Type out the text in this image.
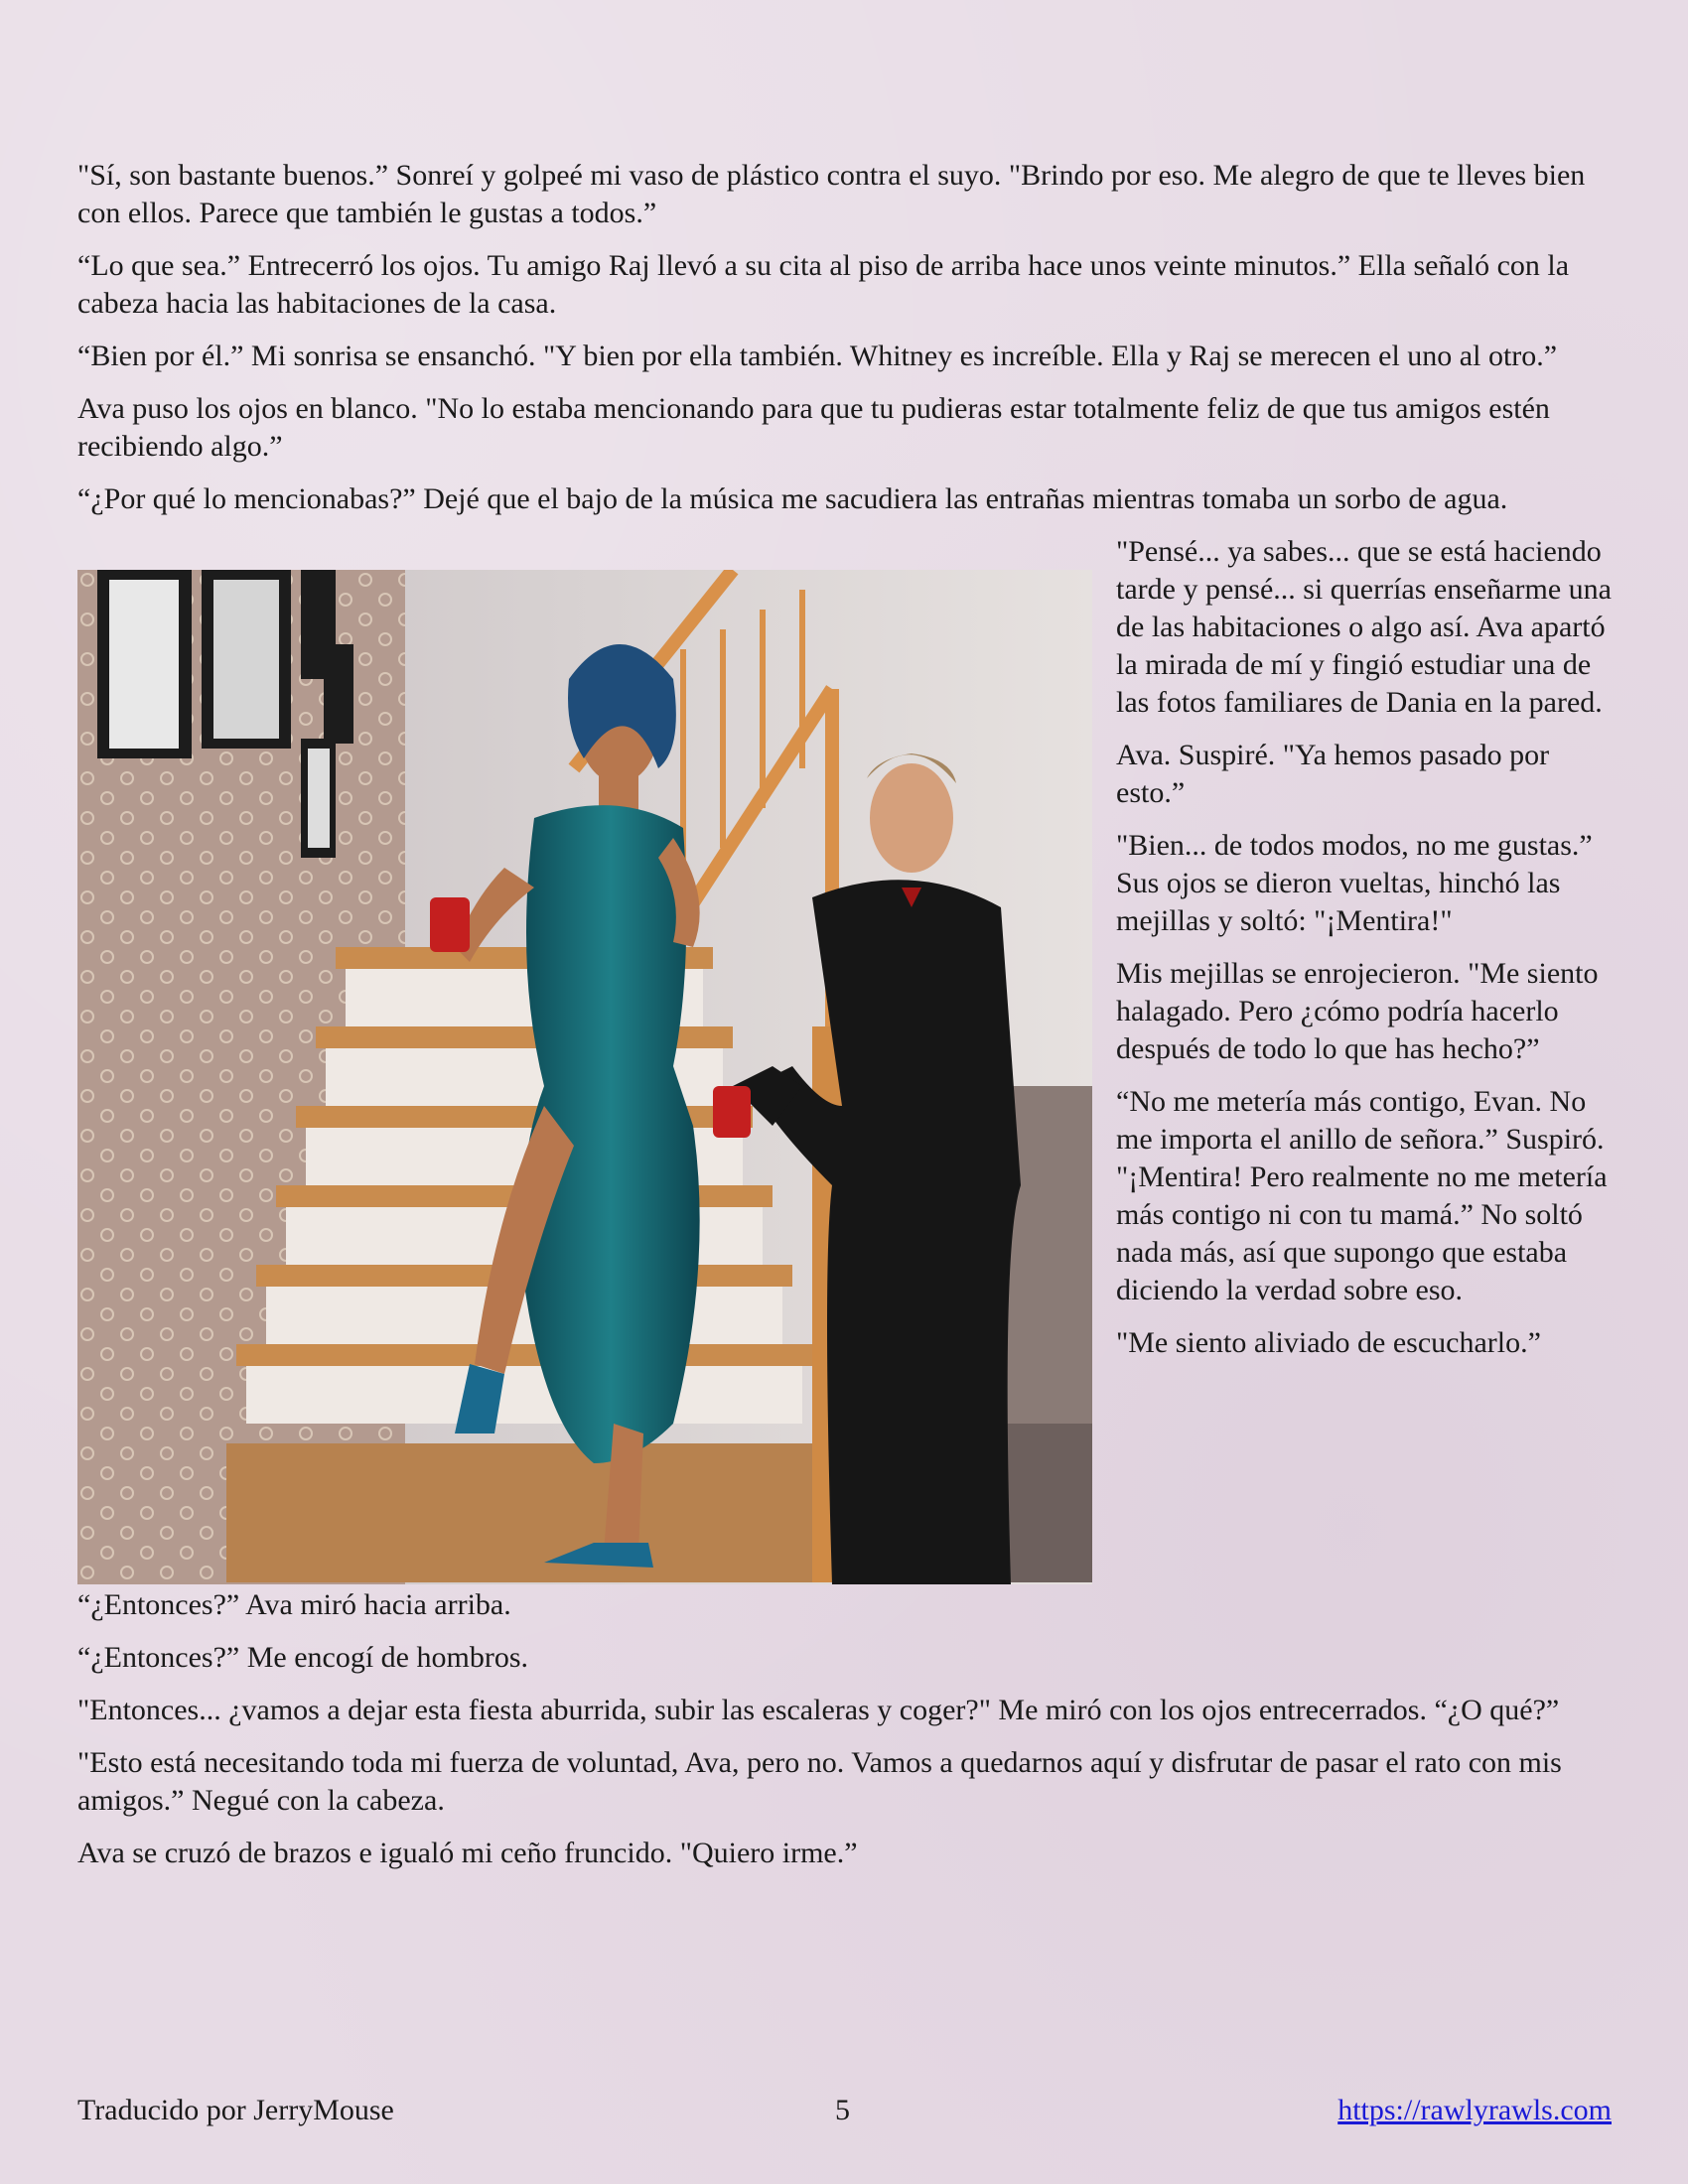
"Sí, son bastante buenos.” Sonreí y golpeé mi vaso de plástico contra el suyo. "Brindo por eso. Me alegro de que te lleves bien con ellos. Parece que también le gustas a todos.”

“Lo que sea.” Entrecerró los ojos. Tu amigo Raj llevó a su cita al piso de arriba hace unos veinte minutos.” Ella señaló con la cabeza hacia las habitaciones de la casa.

“Bien por él.” Mi sonrisa se ensanchó. "Y bien por ella también. Whitney es increíble. Ella y Raj se merecen el uno al otro.”

Ava puso los ojos en blanco. "No lo estaba mencionando para que tu pudieras estar totalmente feliz de que tus amigos estén recibiendo algo.”

“¿Por qué lo mencionabas?” Dejé que el bajo de la música me sacudiera las entrañas mientras tomaba un sorbo de agua.

"Pensé... ya sabes... que se está haciendo tarde y pensé... si querrías enseñarme una de las habitaciones o algo así. Ava apartó la mirada de mí y fingió estudiar una de las fotos familiares de Dania en la pared.

Ava. Suspiré. "Ya hemos pasado por esto.”

"Bien... de todos modos, no me gustas.” Sus ojos se dieron vueltas, hinchó las mejillas y soltó: "¡Mentira!"

Mis mejillas se enrojecieron. "Me siento halagado. Pero ¿cómo podría hacerlo después de todo lo que has hecho?”

“No me metería más contigo, Evan. No me importa el anillo de señora.” Suspiró. "¡Mentira! Pero realmente no me metería más contigo ni con tu mamá.” No soltó nada más, así que supongo que estaba diciendo la verdad sobre eso.

"Me siento aliviado de escucharlo.”

“¿Entonces?” Ava miró hacia arriba.

“¿Entonces?” Me encogí de hombros.

"Entonces... ¿vamos a dejar esta fiesta aburrida, subir las escaleras y coger?" Me miró con los ojos entrecerrados. “¿O qué?”

"Esto está necesitando toda mi fuerza de voluntad, Ava, pero no. Vamos a quedarnos aquí y disfrutar de pasar el rato con mis amigos.” Negué con la cabeza.

Ava se cruzó de brazos e igualó mi ceño fruncido. "Quiero irme.”

Traducido por JerryMouse	5	https://rawlyrawls.com
